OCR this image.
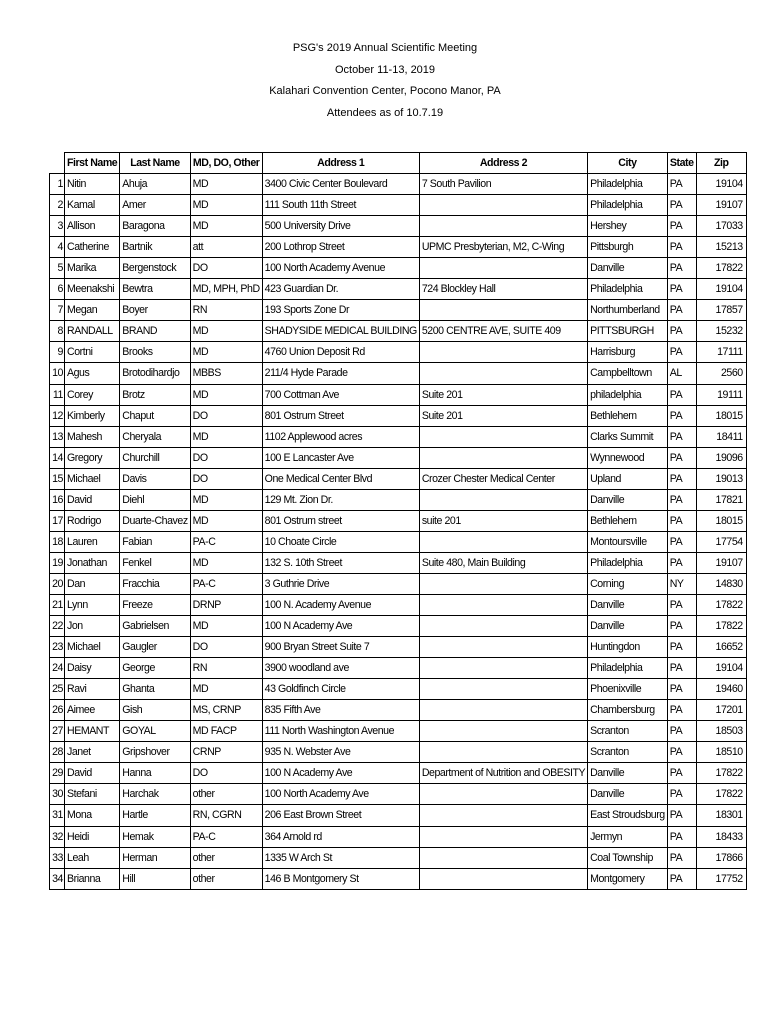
PSG's 2019 Annual Scientific Meeting
October 11-13, 2019
Kalahari Convention Center, Pocono Manor, PA
Attendees as of 10.7.19
	First Name	Last Name	MD, DO, Other	Address 1	Address 2	City	State	Zip
1	Nitin	Ahuja	MD	3400 Civic Center Boulevard	7 South Pavilion	Philadelphia	PA	19104
2	Kamal	Amer	MD	111 South 11th Street		Philadelphia	PA	19107
3	Allison	Baragona	MD	500 University Drive		Hershey	PA	17033
4	Catherine	Bartnik	att	200 Lothrop Street	UPMC Presbyterian, M2, C-Wing	Pittsburgh	PA	15213
5	Marika	Bergenstock	DO	100 North Academy Avenue		Danville	PA	17822
6	Meenakshi	Bewtra	MD, MPH, PhD	423 Guardian Dr.	724 Blockley Hall	Philadelphia	PA	19104
7	Megan	Boyer	RN	193 Sports Zone Dr		Northumberland	PA	17857
8	RANDALL	BRAND	MD	SHADYSIDE MEDICAL BUILDING	5200 CENTRE AVE, SUITE 409	PITTSBURGH	PA	15232
9	Cortni	Brooks	MD	4760 Union Deposit Rd		Harrisburg	PA	17111
10	Agus	Brotodihardjo	MBBS	211/4 Hyde Parade		Campbelltown	AL	2560
11	Corey	Brotz	MD	700 Cottman Ave	Suite 201	philadelphia	PA	19111
12	Kimberly	Chaput	DO	801 Ostrum Street	Suite 201	Bethlehem	PA	18015
13	Mahesh	Cheryala	MD	1102 Applewood acres		Clarks Summit	PA	18411
14	Gregory	Churchill	DO	100 E Lancaster Ave		Wynnewood	PA	19096
15	Michael	Davis	DO	One Medical Center Blvd	Crozer Chester Medical Center	Upland	PA	19013
16	David	Diehl	MD	129 Mt. Zion Dr.		Danville	PA	17821
17	Rodrigo	Duarte-Chavez	MD	801 Ostrum street	suite 201	Bethlehem	PA	18015
18	Lauren	Fabian	PA-C	10 Choate Circle		Montoursville	PA	17754
19	Jonathan	Fenkel	MD	132 S. 10th Street	Suite 480, Main Building	Philadelphia	PA	19107
20	Dan	Fracchia	PA-C	3 Guthrie Drive		Corning	NY	14830
21	Lynn	Freeze	DRNP	100 N. Academy Avenue		Danville	PA	17822
22	Jon	Gabrielsen	MD	100 N Academy Ave		Danville	PA	17822
23	Michael	Gaugler	DO	900 Bryan Street Suite 7		Huntingdon	PA	16652
24	Daisy	George	RN	3900 woodland ave		Philadelphia	PA	19104
25	Ravi	Ghanta	MD	43 Goldfinch Circle		Phoenixville	PA	19460
26	Aimee	Gish	MS, CRNP	835 Fifth Ave		Chambersburg	PA	17201
27	HEMANT	GOYAL	MD FACP	111 North Washington Avenue		Scranton	PA	18503
28	Janet	Gripshover	CRNP	935 N. Webster Ave		Scranton	PA	18510
29	David	Hanna	DO	100 N Academy Ave	Department of Nutrition and OBESITY	Danville	PA	17822
30	Stefani	Harchak	other	100 North Academy Ave		Danville	PA	17822
31	Mona	Hartle	RN, CGRN	206 East Brown Street		East Stroudsburg	PA	18301
32	Heidi	Hemak	PA-C	364 Arnold rd		Jermyn	PA	18433
33	Leah	Herman	other	1335 W Arch St		Coal Township	PA	17866
34	Brianna	Hill	other	146 B Montgomery St		Montgomery	PA	17752
